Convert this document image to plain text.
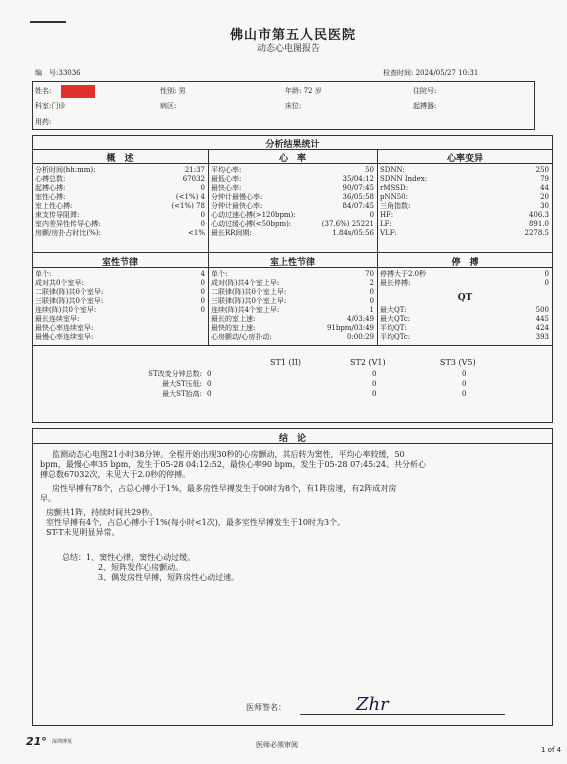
佛山市第五人民医院
动态心电图报告
编　号:33036	检查时间: 2024/05/27 10:31
姓名:	性别: 男	年龄: 72 岁	住院号:
科室:门诊	病区:	床位:	起搏器:
用药:
分析结果统计
概　述	心　率	心率变异
分析时间(hh:mm):	21:37
心搏总数:	67032
起搏心搏:	0
室性心搏:	(<1%) 4
室上性心搏:	(<1%) 78
束支传导阻滞:	0
室内差异性传导心搏:	0
房颤/房扑占时比(%):	<1%
平均心率:	50
最低心率:	35/04:12
最快心率:	90/07:45
分钟计最慢心率:	36/05:58
分钟计最快心率:	84/07:45
心动过速心搏(>120bpm):	0
心动过缓心搏(<50bpm):	(37.6%) 25221
最长RR间期:	1.84s/05:56
SDNN:	250
SDNN Index:	79
rMSSD:	44
pNN50:	20
三角指数:	30
HF:	406.3
LF:	891.0
VLF:	2278.5
室性节律	室上性节律	停　搏
单个:	4
成对共0个室早:	0
二联律(阵)共0个室早:	0
三联律(阵)共0个室早:	0
连续(阵)共0个室早:	0
最长连续室早:
最快心率连续室早:
最慢心率连续室早:
单个:	70
成对(阵)共4个室上早:	2
二联律(阵)共0个室上早:	0
三联律(阵)共0个室上早:	0
连续(阵)共4个室上早:	1
最长的室上速:	4/03:49
最快的室上速:	91bpm/03:49
心房颤动/心房扑动:	0:00:29
停搏大于2.0秒	0
最长停搏:	0
QT
最大QT:	500
最大QTc:	445
平均QT:	424
平均QTc:	393
ST1 (II)	ST2 (V1)	ST3 (V5)
ST改变分钟总数: 0	0	0
最大ST压低: 0	0	0
最大ST抬高: 0	0	0
结　论
监测动态心电图21小时38分钟。全程开始出现30秒的心房颤动，其后转为窦性，平均心率较缓，50
bpm，最慢心率35 bpm，发生于05-28 04:12:52，最快心率90 bpm，发生于05-28 07:45:24。共分析心
搏总数67032次，未见大于2.0秒的停搏。
房性早搏有78个，占总心搏小于1%，最多房性早搏发生于00时为8个，有1阵房速，有2阵成对房
早。
房颤共1阵，持续时间共29秒。
室性早搏有4个，占总心搏小于1%(每小时<1次)，最多室性早搏发生于10时为3个。
ST-T未见明显异常。
总结：1、窦性心律，窦性心动过缓。
2、短阵发作心房颤动。
3、偶发房性早搏，短阵房性心动过速。
医师签名：	Zhr
21° 深圳博英	医师必须审阅
1 of 4
